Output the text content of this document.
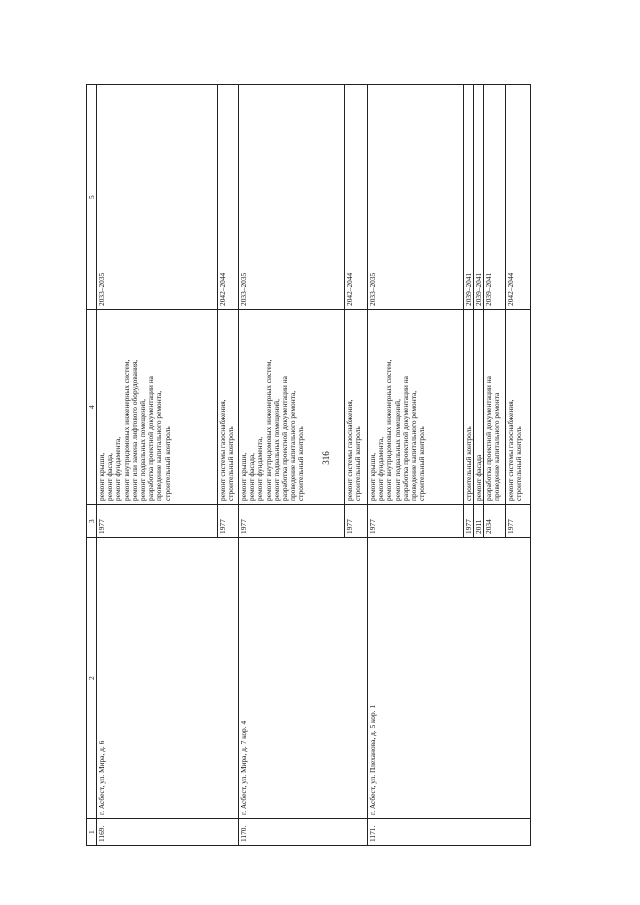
316
1
2
3
4
5
1169.
г. Асбест, ул. Мира, д. 6
1977
2033–2035
ремонт крыши, ремонт фасада, ремонт фундамента, ремонт внутридомовых инженерных систем, ремонт или замена лифтового оборудования, ремонт подвальных помещений, разработка проектной документации на проведение капитального ремонта, строительный контроль
1977
2042–2044
ремонт системы газоснабжения, строительный контроль
1170.
г. Асбест, ул. Мира, д. 7 кор. 4
1977
2033–2035
ремонт крыши, ремонт фасада, ремонт фундамента, ремонт внутридомовых инженерных систем, ремонт подвальных помещений, разработка проектной документации на проведение капитального ремонта, строительный контроль
1977
2042–2044
ремонт системы газоснабжения, строительный контроль
1171.
г. Асбест, ул. Плеханова, д. 5 кор. 1
1977
2033–2035
ремонт крыши, ремонт фундамента, ремонт внутридомовых инженерных систем, ремонт подвальных помещений, разработка проектной документации на проведение капитального ремонта, строительный контроль
1977
2039–2041
строительный контроль
2011
2039–2041
ремонт фасада
2034
2039–2041
разработка проектной документации на проведение капитального ремонта
1977
2042–2044
ремонт системы газоснабжения, строительный контроль
